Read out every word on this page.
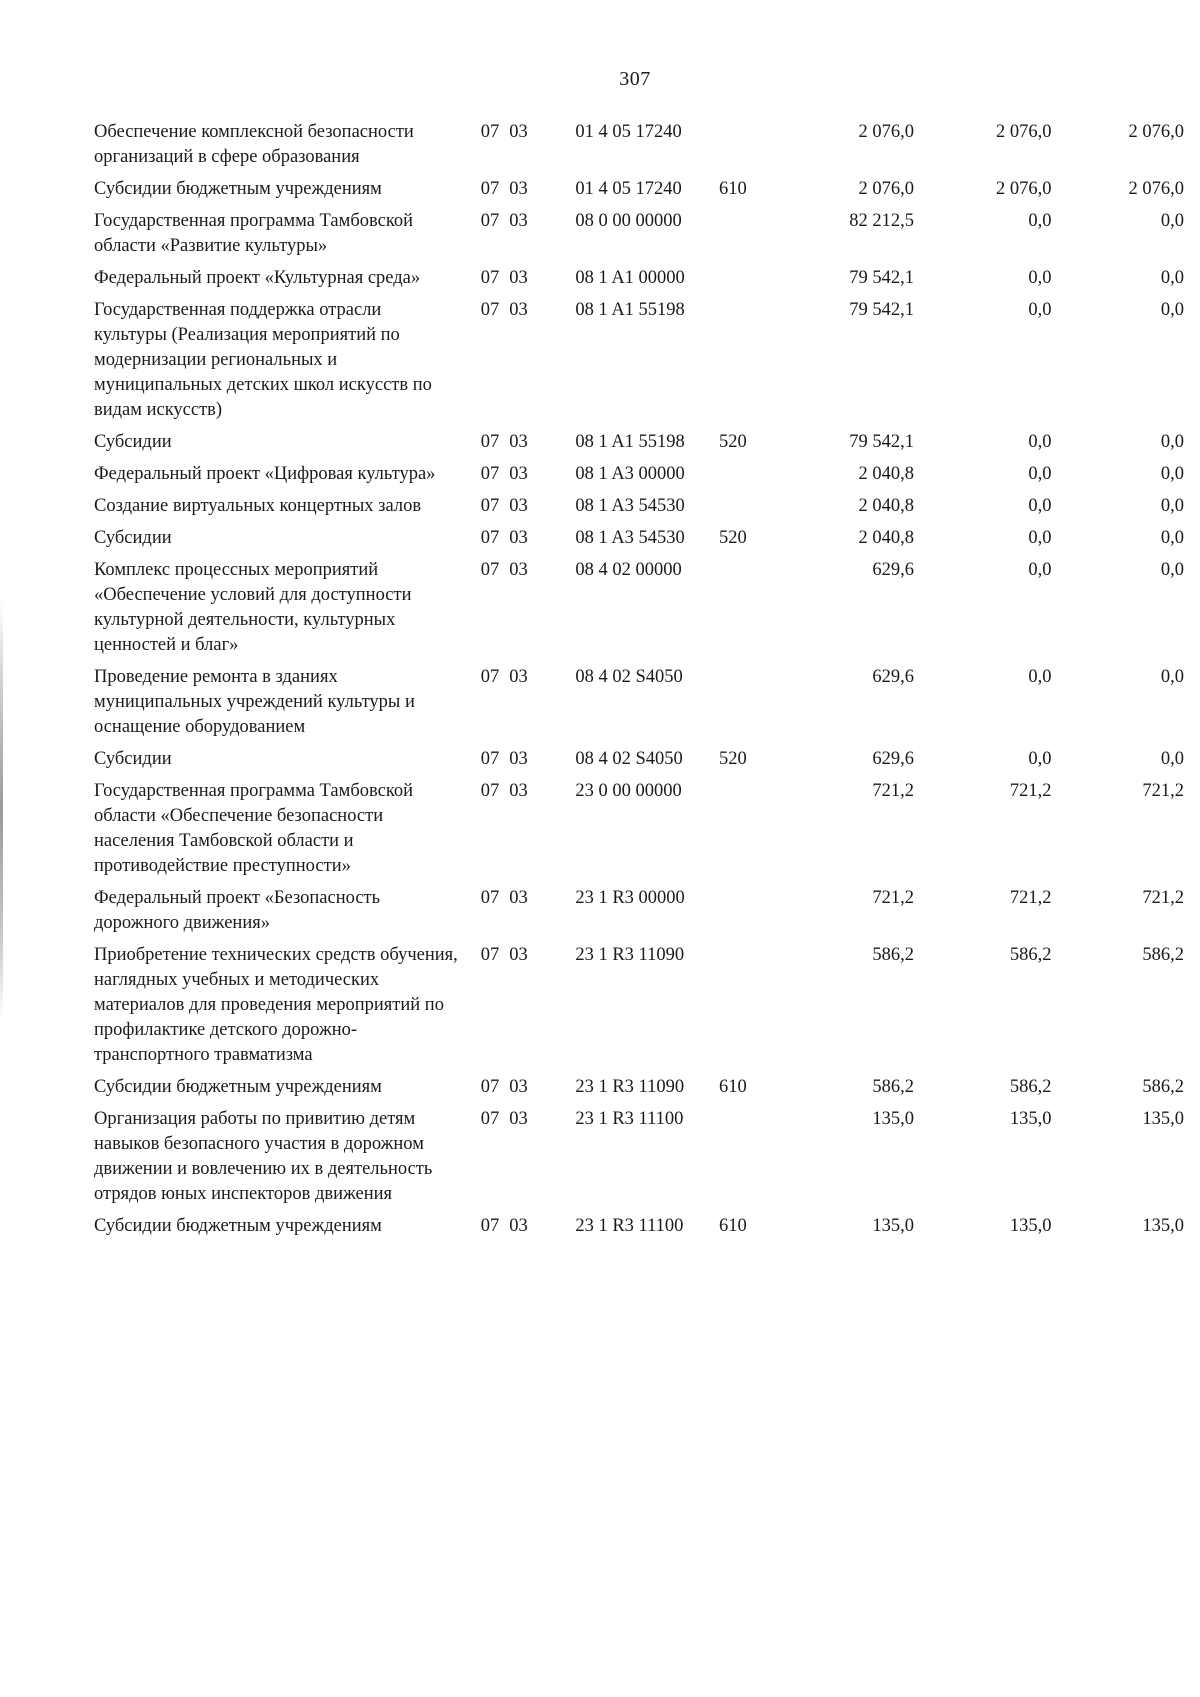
307
Обеспечение комплексной безопасности организаций в сфере образования	07 03	01 4 05 17240		2 076,0	2 076,0	2 076,0
Субсидии бюджетным учреждениям	07 03	01 4 05 17240	610	2 076,0	2 076,0	2 076,0
Государственная программа Тамбовской области «Развитие культуры»	07 03	08 0 00 00000		82 212,5	0,0	0,0
Федеральный проект «Культурная среда»	07 03	08 1 A1 00000		79 542,1	0,0	0,0
Государственная поддержка отрасли культуры (Реализация мероприятий по модернизации региональных и муниципальных детских школ искусств по видам искусств)	07 03	08 1 A1 55198		79 542,1	0,0	0,0
Субсидии	07 03	08 1 A1 55198	520	79 542,1	0,0	0,0
Федеральный проект «Цифровая культура»	07 03	08 1 A3 00000		2 040,8	0,0	0,0
Создание виртуальных концертных залов	07 03	08 1 A3 54530		2 040,8	0,0	0,0
Субсидии	07 03	08 1 A3 54530	520	2 040,8	0,0	0,0
Комплекс процессных мероприятий «Обеспечение условий для доступности культурной деятельности, культурных ценностей и благ»	07 03	08 4 02 00000		629,6	0,0	0,0
Проведение ремонта в зданиях муниципальных учреждений культуры и оснащение оборудованием	07 03	08 4 02 S4050		629,6	0,0	0,0
Субсидии	07 03	08 4 02 S4050	520	629,6	0,0	0,0
Государственная программа Тамбовской области «Обеспечение безопасности населения Тамбовской области и противодействие преступности»	07 03	23 0 00 00000		721,2	721,2	721,2
Федеральный проект «Безопасность дорожного движения»	07 03	23 1 R3 00000		721,2	721,2	721,2
Приобретение технических средств обучения, наглядных учебных и методических материалов для проведения мероприятий по профилактике детского дорожно-транспортного травматизма	07 03	23 1 R3 11090		586,2	586,2	586,2
Субсидии бюджетным учреждениям	07 03	23 1 R3 11090	610	586,2	586,2	586,2
Организация работы по привитию детям навыков безопасного участия в дорожном движении и вовлечению их в деятельность отрядов юных инспекторов движения	07 03	23 1 R3 11100		135,0	135,0	135,0
Субсидии бюджетным учреждениям	07 03	23 1 R3 11100	610	135,0	135,0	135,0
